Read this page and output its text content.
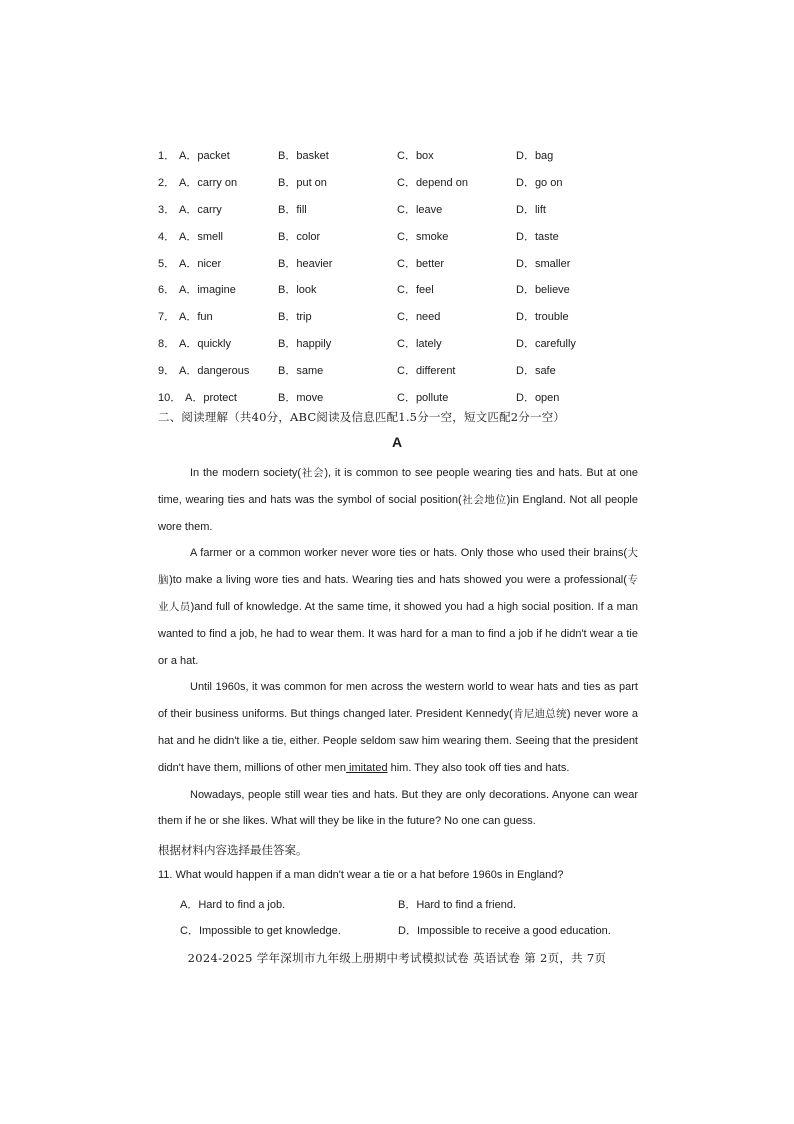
1． A．packet	B．basket	C．box	D．bag
2． A．carry on	B．put on	C．depend on	D．go on
3． A．carry	B．fill	C．leave	D．lift
4． A．smell	B．color	C．smoke	D．taste
5． A．nicer	B．heavier	C．better	D．smaller
6． A．imagine	B．look	C．feel	D．believe
7． A．fun	B．trip	C．need	D．trouble
8． A．quickly	B．happily	C．lately	D．carefully
9． A．dangerous	B．same	C．different	D．safe
10． A．protect	B．move	C．pollute	D．open
二、阅读理解（共40分，ABC阅读及信息匹配1.5分一空，短文匹配2分一空）
A

In the modern society(社会), it is common to see people wearing ties and hats. But at one time, wearing ties and hats was the symbol of social position(社会地位)in England. Not all people wore them.

A farmer or a common worker never wore ties or hats. Only those who used their brains(大脑)to make a living wore ties and hats. Wearing ties and hats showed you were a professional(专业人员)and full of knowledge. At the same time, it showed you had a high social position. If a man wanted to find a job, he had to wear them. It was hard for a man to find a job if he didn't wear a tie or a hat.

Until 1960s, it was common for men across the western world to wear hats and ties as part of their business uniforms. But things changed later. President Kennedy(肯尼迪总统) never wore a hat and he didn't like a tie, either. People seldom saw him wearing them. Seeing that the president didn't have them, millions of other men imitated him. They also took off ties and hats.

Nowadays, people still wear ties and hats. But they are only decorations. Anyone can wear them if he or she likes. What will they be like in the future? No one can guess.

根据材料内容选择最佳答案。
11. What would happen if a man didn't wear a tie or a hat before 1960s in England?
A．Hard to find a job.	B．Hard to find a friend.
C．Impossible to get knowledge.	D．Impossible to receive a good education.
2024-2025 学年深圳市九年级上册期中考试模拟试卷 英语试卷 第 2页，共 7页
